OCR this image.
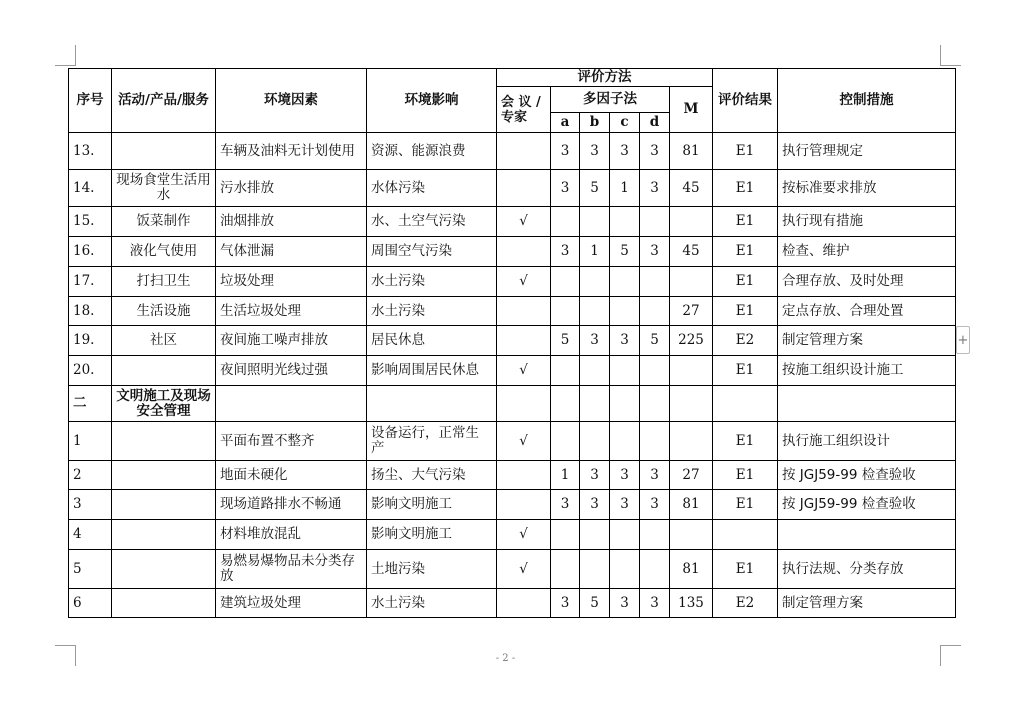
序号	活动/产品/服务	环境因素	环境影响	评价方法						评价结果	控制措施
				会 议 / 专家	多因子法				M		
					a	b	c	d			
13.		车辆及油料无计划使用	资源、能源浪费		3	3	3	3	81	E1	执行管理规定
14.	现场食堂生活用水	污水排放	水体污染		3	5	1	3	45	E1	按标准要求排放
15.	饭菜制作	油烟排放	水、土空气污染	√						E1	执行现有措施
16.	液化气使用	气体泄漏	周围空气污染		3	1	5	3	45	E1	检查、维护
17.	打扫卫生	垃圾处理	水土污染	√						E1	合理存放、及时处理
18.	生活设施	生活垃圾处理	水土污染						27	E1	定点存放、合理处置
19.	社区	夜间施工噪声排放	居民休息		5	3	3	5	225	E2	制定管理方案
20.		夜间照明光线过强	影响周围居民休息	√						E1	按施工组织设计施工
二	文明施工及现场安全管理										
1		平面布置不整齐	设备运行，正常生产	√						E1	执行施工组织设计
2		地面未硬化	扬尘、大气污染		1	3	3	3	27	E1	按 JGJ59-99 检查验收
3		现场道路排水不畅通	影响文明施工		3	3	3	3	81	E1	按 JGJ59-99 检查验收
4		材料堆放混乱	影响文明施工	√							
5		易燃易爆物品未分类存放	土地污染	√					81	E1	执行法规、分类存放
6		建筑垃圾处理	水土污染		3	5	3	3	135	E2	制定管理方案
+
- 2 -
